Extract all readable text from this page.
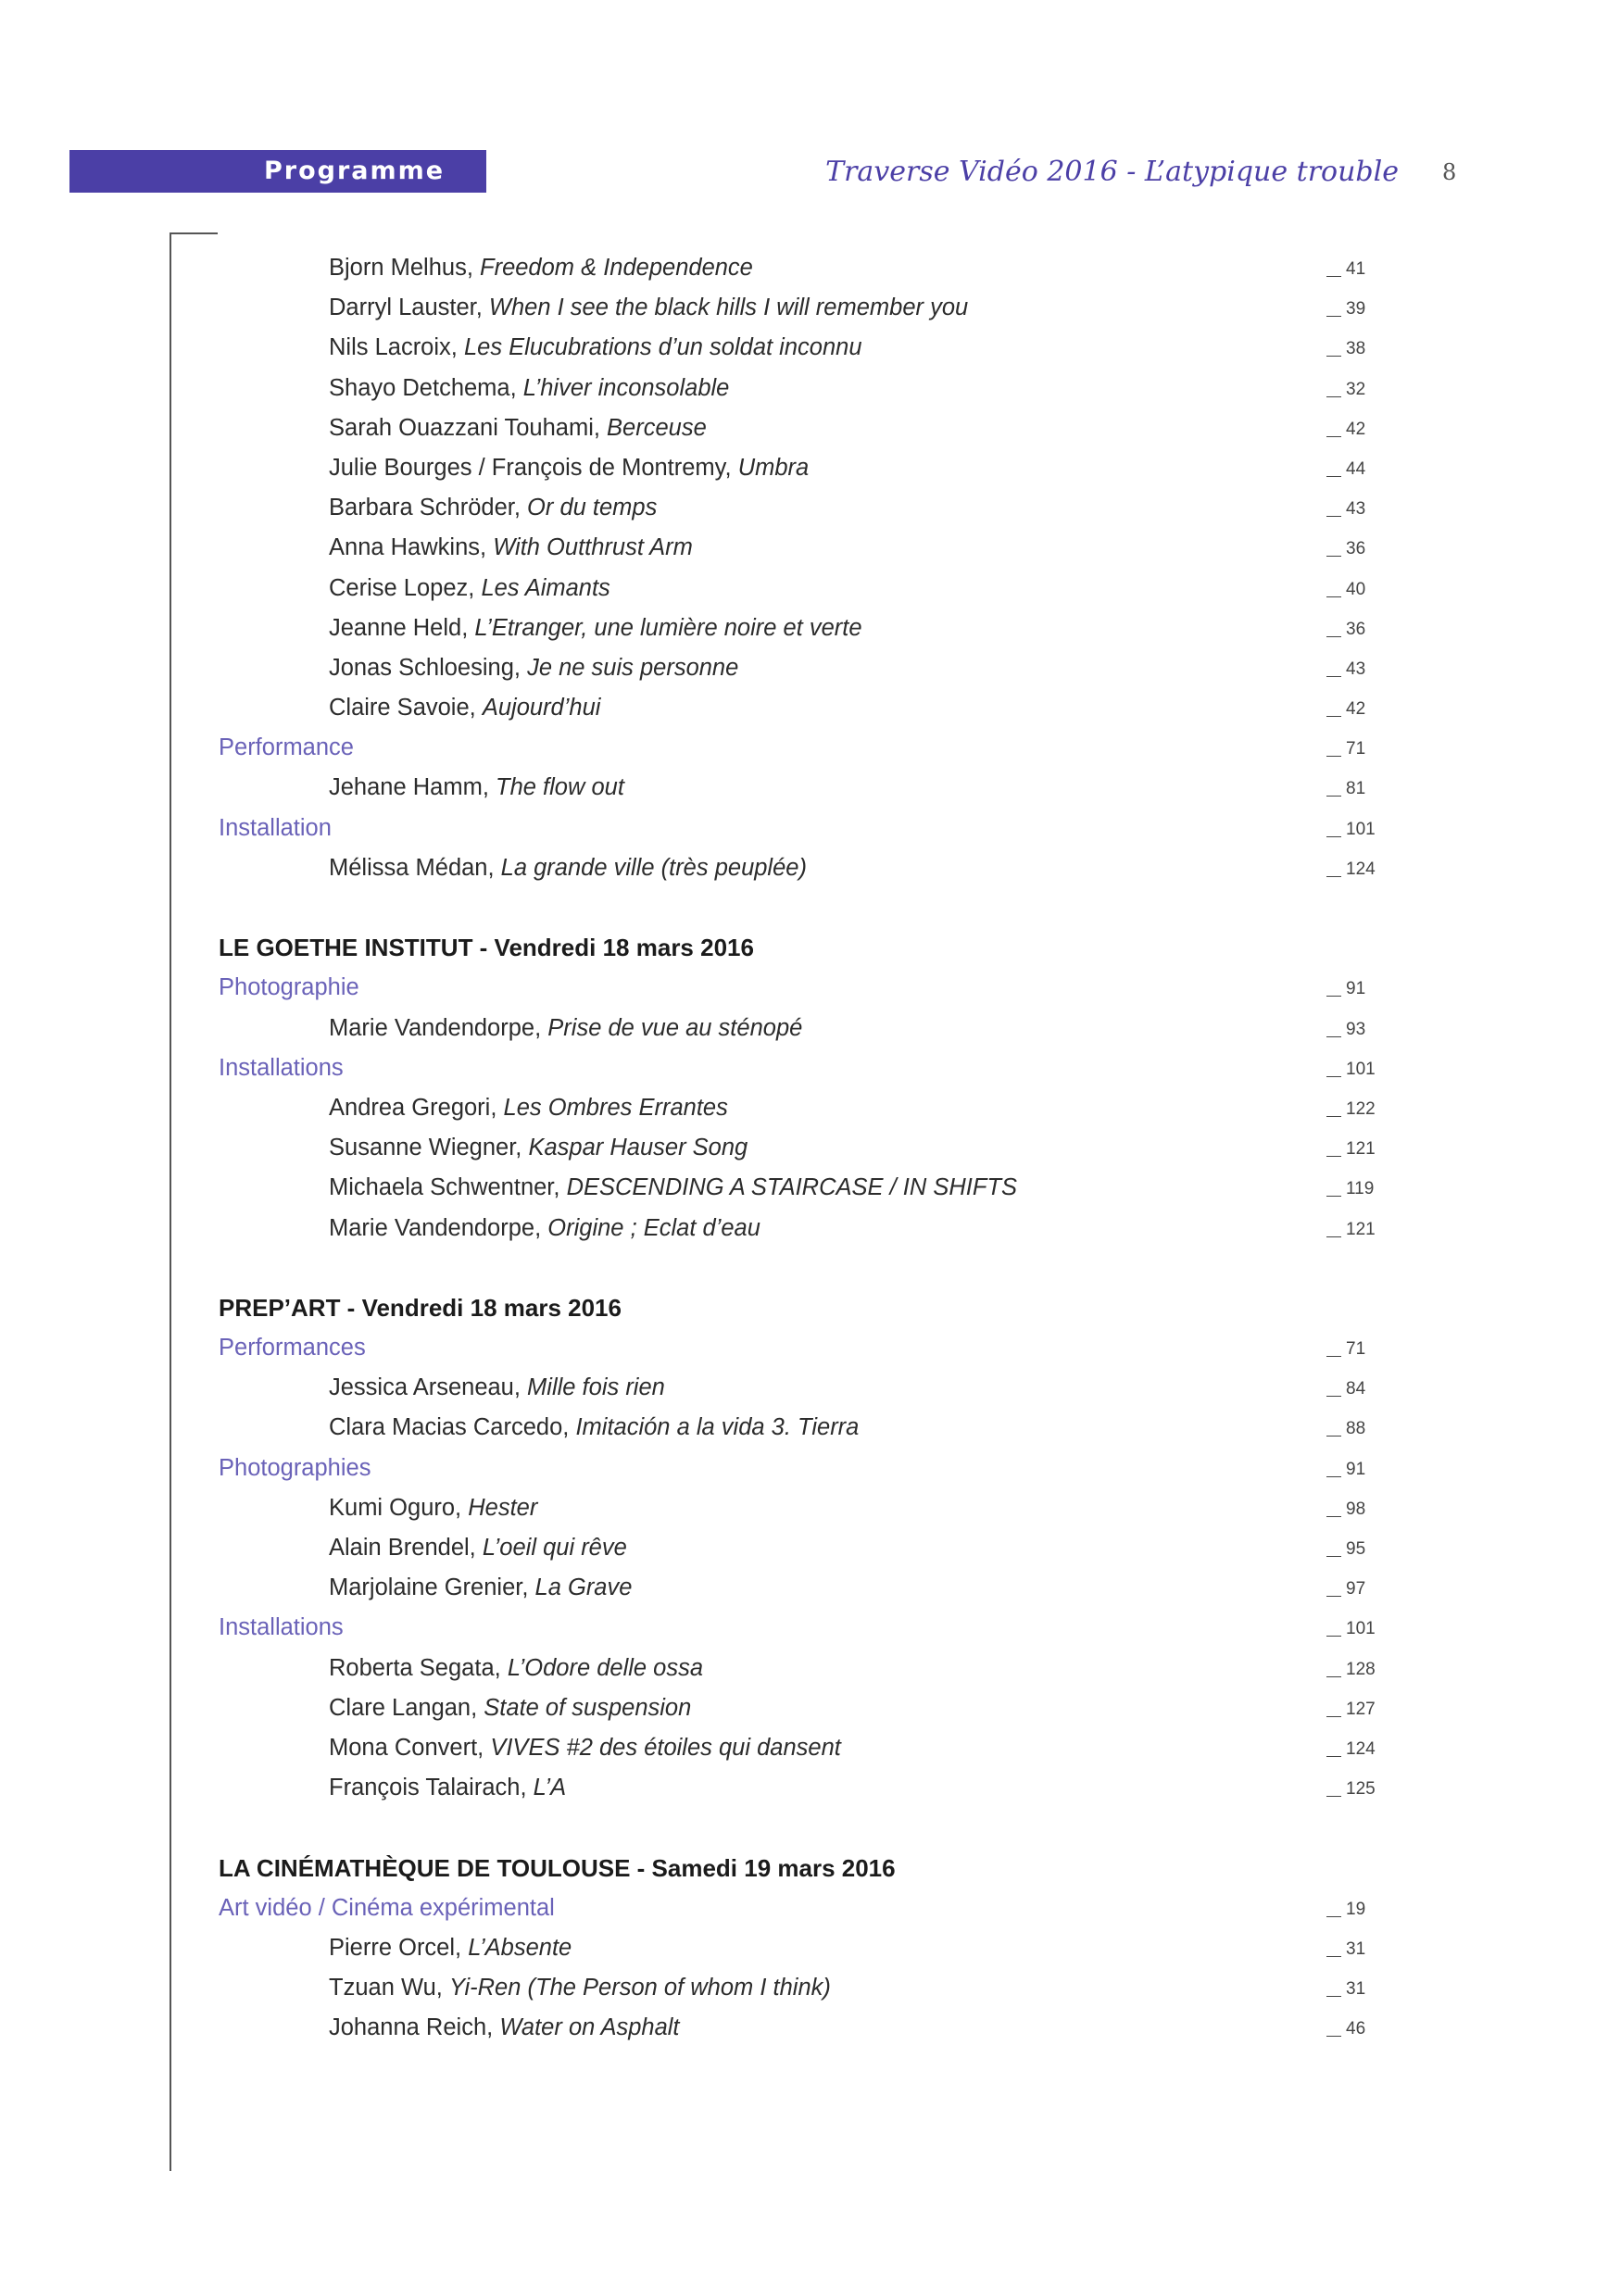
Programme	Traverse Vidéo 2016 - L’atypique trouble 8
Bjorn Melhus, Freedom & Independence	41
Darryl Lauster, When I see the black hills I will remember you	39
Nils Lacroix, Les Elucubrations d’un soldat inconnu	38
Shayo Detchema, L’hiver inconsolable	32
Sarah Ouazzani Touhami, Berceuse	42
Julie Bourges / François de Montremy, Umbra	44
Barbara Schröder, Or du temps	43
Anna Hawkins, With Outthrust Arm	36
Cerise Lopez, Les Aimants	40
Jeanne Held, L’Etranger, une lumière noire et verte	36
Jonas Schloesing, Je ne suis personne	43
Claire Savoie, Aujourd’hui	42
Performance	71
Jehane Hamm, The flow out	81
Installation	101
Mélissa Médan, La grande ville (très peuplée)	124
LE GOETHE INSTITUT - Vendredi 18 mars 2016
Photographie	91
Marie Vandendorpe, Prise de vue au sténopé	93
Installations	101
Andrea Gregori, Les Ombres Errantes	122
Susanne Wiegner, Kaspar Hauser Song	121
Michaela Schwentner, DESCENDING A STAIRCASE / IN SHIFTS	119
Marie Vandendorpe, Origine ; Eclat d’eau	121
PREP’ART - Vendredi 18 mars 2016
Performances	71
Jessica Arseneau, Mille fois rien	84
Clara Macias Carcedo, Imitación a la vida 3. Tierra	88
Photographies	91
Kumi Oguro, Hester	98
Alain Brendel, L’oeil qui rêve	95
Marjolaine Grenier, La Grave	97
Installations	101
Roberta Segata, L’Odore delle ossa	128
Clare Langan, State of suspension	127
Mona Convert, VIVES #2 des étoiles qui dansent	124
François Talairach, L’A	125
LA CINÉMATHÈQUE DE TOULOUSE - Samedi 19 mars 2016
Art vidéo / Cinéma expérimental	19
Pierre Orcel, L’Absente	31
Tzuan Wu, Yi-Ren (The Person of whom I think)	31
Johanna Reich, Water on Asphalt	46
